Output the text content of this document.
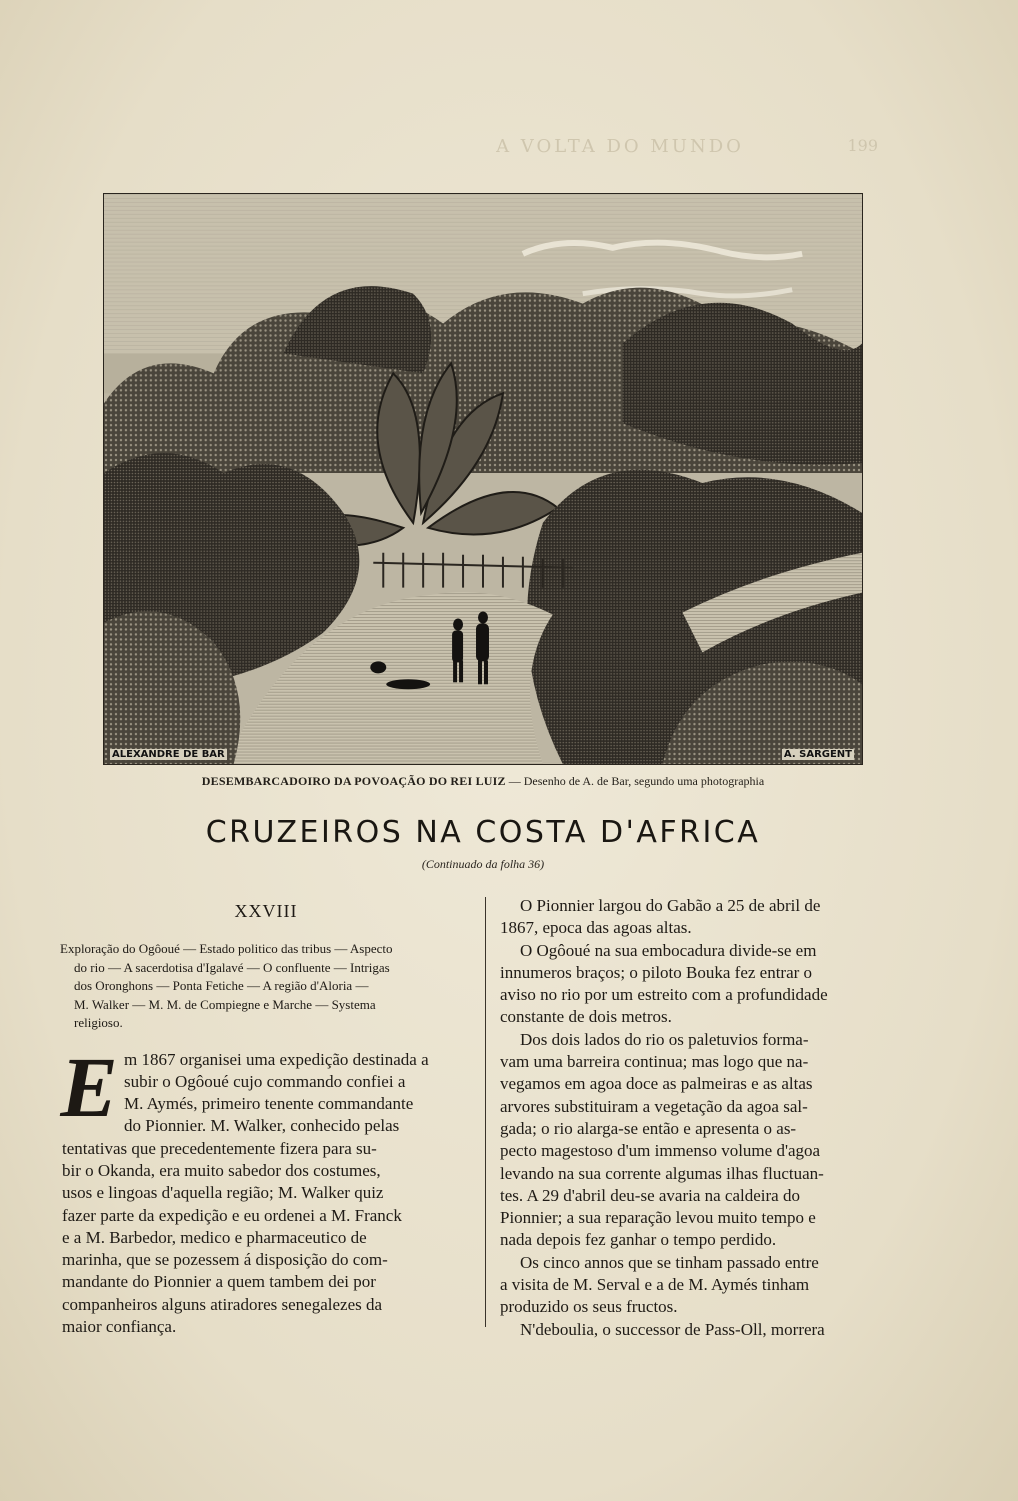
A VOLTA DO MUNDO	199
ALEXANDRE DE BAR	A. SARGENT
DESEMBARCADOIRO DA POVOAÇÃO DO REI LUIZ — Desenho de A. de Bar, segundo uma photographia
CRUZEIROS NA COSTA D'AFRICA
(Continuado da folha 36)
XXVIII
Exploração do Ogôoué — Estado politico das tribus — Aspecto
do rio — A sacerdotisa d'Igalavé — O confluente — Intrigas
dos Oronghons — Ponta Fetiche — A região d'Aloria —
M. Walker — M. M. de Compiegne e Marche — Systema
religioso.
E m 1867 organisei uma expedição destinada a
subir o Ogôoué cujo commando confiei a
M. Aymés, primeiro tenente commandante
do Pionnier. M. Walker, conhecido pelas
tentativas que precedentemente fizera para su-
bir o Okanda, era muito sabedor dos costumes,
usos e lingoas d'aquella região; M. Walker quiz
fazer parte da expedição e eu ordenei a M. Franck
e a M. Barbedor, medico e pharmaceutico de
marinha, que se pozessem á disposição do com-
mandante do Pionnier a quem tambem dei por
companheiros alguns atiradores senegalezes da
maior confiança.
O Pionnier largou do Gabão a 25 de abril de
1867, epoca das agoas altas.
O Ogôoué na sua embocadura divide-se em
innumeros braços; o piloto Bouka fez entrar o
aviso no rio por um estreito com a profundidade
constante de dois metros.
Dos dois lados do rio os paletuvios forma-
vam uma barreira continua; mas logo que na-
vegamos em agoa doce as palmeiras e as altas
arvores substituiram a vegetação da agoa sal-
gada; o rio alarga-se então e apresenta o as-
pecto magestoso d'um immenso volume d'agoa
levando na sua corrente algumas ilhas fluctuan-
tes. A 29 d'abril deu-se avaria na caldeira do
Pionnier; a sua reparação levou muito tempo e
nada depois fez ganhar o tempo perdido.
Os cinco annos que se tinham passado entre
a visita de M. Serval e a de M. Aymés tinham
produzido os seus fructos.
N'deboulia, o successor de Pass-Oll, morrera
